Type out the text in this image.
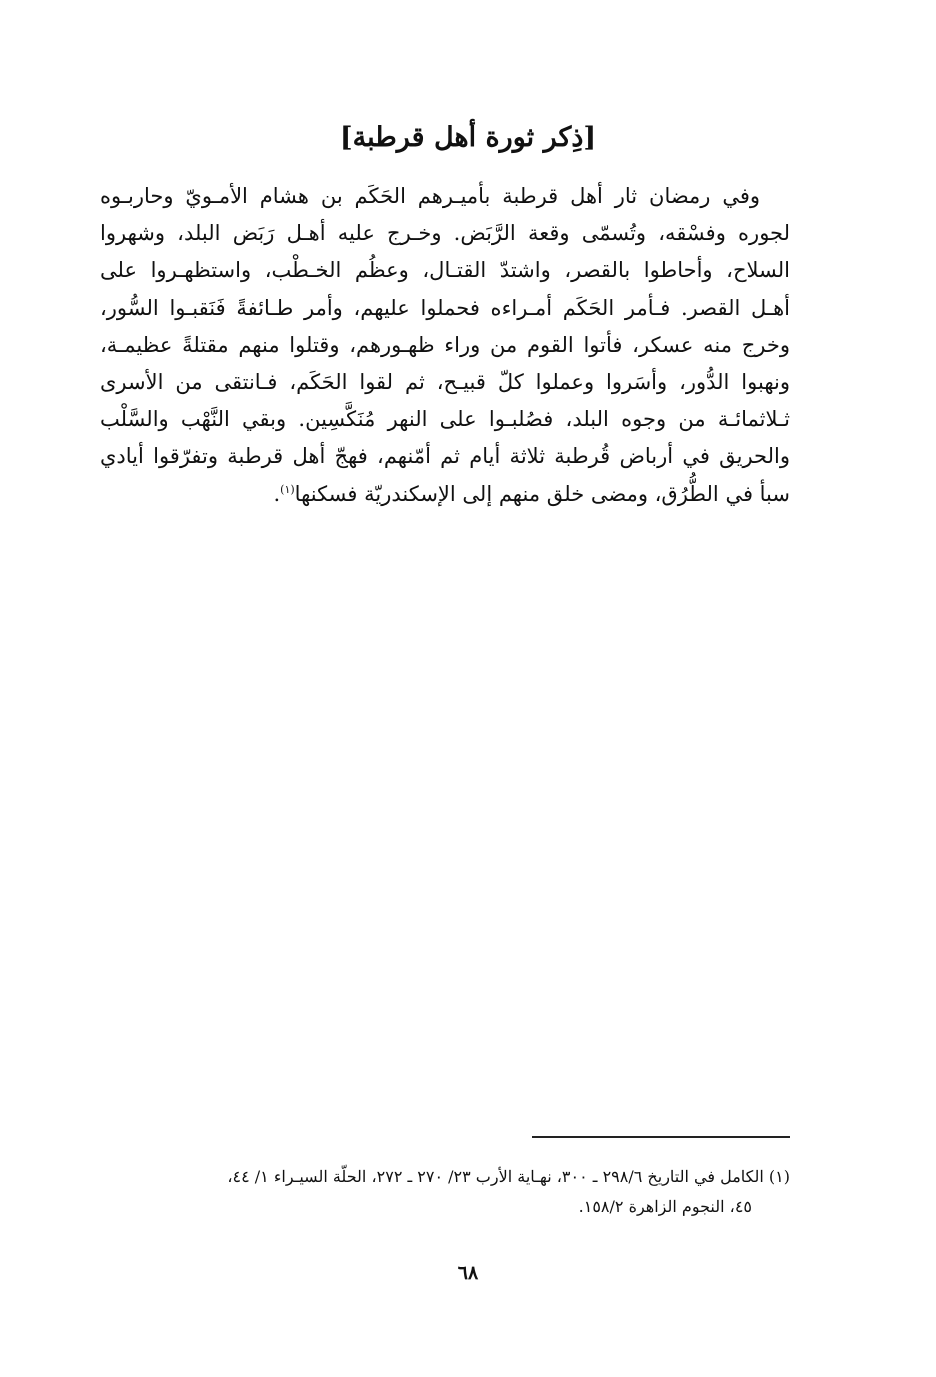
[ذِكر ثورة أهل قرطبة]
وفي رمضان ثار أهل قرطبة بأميـرهم الحَكَم بن هشام الأمـويّ وحاربـوه
لجوره وفسْقه، وتُسمّى وقعة الرَّبَض. وخـرج عليه أهـل رَبَض البلد، وشهروا
السلاح، وأحاطوا بالقصر، واشتدّ القتـال، وعظُم الخـطْب، واستظهـروا على
أهـل القصر. فـأمر الحَكَم أمـراءه فحملوا عليهم، وأمر طـائفةً فَنَقبـوا السُّور،
وخرج منه عسكر، فأتوا القوم من وراء ظهـورهم، وقتلوا منهم مقتلةً عظيمـة،
ونهبوا الدُّور، وأسَروا وعملوا كلّ قبيـح، ثم لقوا الحَكَم، فـانتقى من الأسرى
ثـلاثمائـة من وجوه البلد، فصُلبـوا على النهر مُنَكَّسِين. وبقي النَّهْب والسَّلْب
والحريق في أرباض قُرطبة ثلاثة أيام ثم أمّنهم، فهجّ أهل قرطبة وتفرّقوا أيادي
سبأ في الطُّرُق، ومضى خلق منهم إلى الإسكندريّة فسكنها$^{(١)}$.
(١) الكامل في التاريخ ٢٩٨/٦ ـ ٣٠٠، نهـاية الأرب ٢٣/ ٢٧٠ ـ ٢٧٢، الحلّة السيـراء ١/ ٤٤،
٤٥، النجوم الزاهرة ١٥٨/٢.
٦٨
